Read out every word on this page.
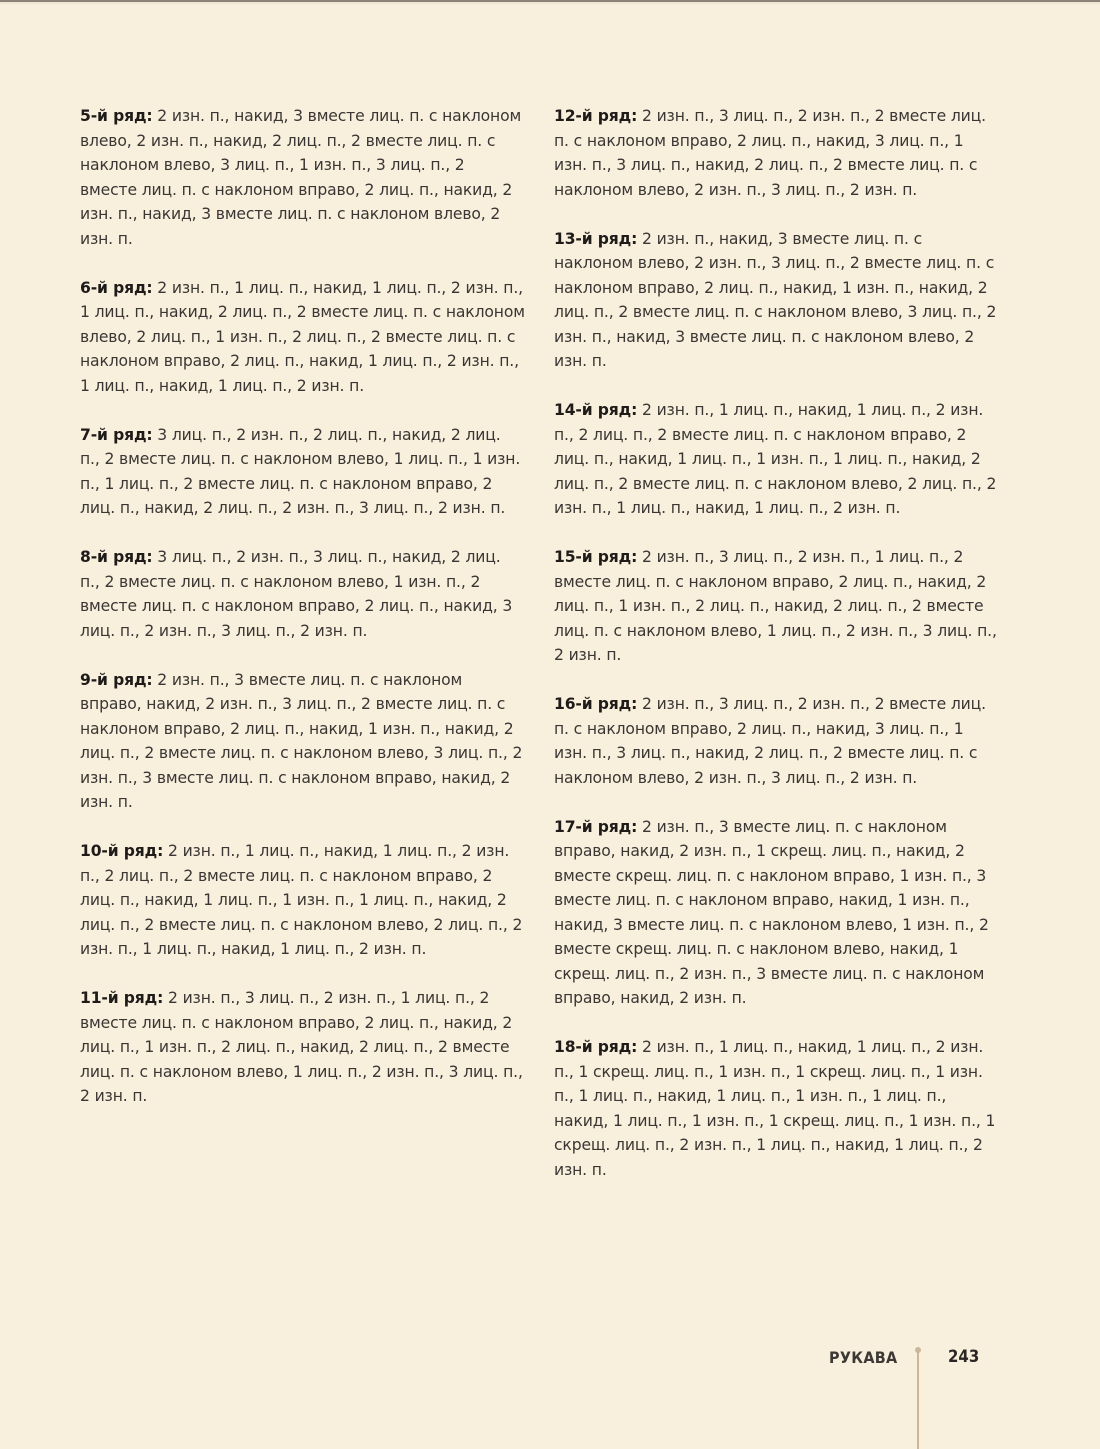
5-й ряд: 2 изн. п., накид, 3 вместе лиц. п. с наклоном влево, 2 изн. п., накид, 2 лиц. п., 2 вместе лиц. п. с наклоном влево, 3 лиц. п., 1 изн. п., 3 лиц. п., 2 вместе лиц. п. с наклоном вправо, 2 лиц. п., накид, 2 изн. п., накид, 3 вместе лиц. п. с наклоном влево, 2 изн. п.

6-й ряд: 2 изн. п., 1 лиц. п., накид, 1 лиц. п., 2 изн. п., 1 лиц. п., накид, 2 лиц. п., 2 вместе лиц. п. с наклоном влево, 2 лиц. п., 1 изн. п., 2 лиц. п., 2 вместе лиц. п. с наклоном вправо, 2 лиц. п., накид, 1 лиц. п., 2 изн. п., 1 лиц. п., накид, 1 лиц. п., 2 изн. п.

7-й ряд: 3 лиц. п., 2 изн. п., 2 лиц. п., накид, 2 лиц. п., 2 вместе лиц. п. с наклоном влево, 1 лиц. п., 1 изн. п., 1 лиц. п., 2 вместе лиц. п. с наклоном вправо, 2 лиц. п., накид, 2 лиц. п., 2 изн. п., 3 лиц. п., 2 изн. п.

8-й ряд: 3 лиц. п., 2 изн. п., 3 лиц. п., накид, 2 лиц. п., 2 вместе лиц. п. с наклоном влево, 1 изн. п., 2 вместе лиц. п. с наклоном вправо, 2 лиц. п., накид, 3 лиц. п., 2 изн. п., 3 лиц. п., 2 изн. п.

9-й ряд: 2 изн. п., 3 вместе лиц. п. с наклоном вправо, накид, 2 изн. п., 3 лиц. п., 2 вместе лиц. п. с наклоном вправо, 2 лиц. п., накид, 1 изн. п., накид, 2 лиц. п., 2 вместе лиц. п. с наклоном влево, 3 лиц. п., 2 изн. п., 3 вместе лиц. п. с наклоном вправо, накид, 2 изн. п.

10-й ряд: 2 изн. п., 1 лиц. п., накид, 1 лиц. п., 2 изн. п., 2 лиц. п., 2 вместе лиц. п. с наклоном вправо, 2 лиц. п., накид, 1 лиц. п., 1 изн. п., 1 лиц. п., накид, 2 лиц. п., 2 вместе лиц. п. с наклоном влево, 2 лиц. п., 2 изн. п., 1 лиц. п., накид, 1 лиц. п., 2 изн. п.

11-й ряд: 2 изн. п., 3 лиц. п., 2 изн. п., 1 лиц. п., 2 вместе лиц. п. с наклоном вправо, 2 лиц. п., накид, 2 лиц. п., 1 изн. п., 2 лиц. п., накид, 2 лиц. п., 2 вместе лиц. п. с наклоном влево, 1 лиц. п., 2 изн. п., 3 лиц. п., 2 изн. п.

12-й ряд: 2 изн. п., 3 лиц. п., 2 изн. п., 2 вместе лиц. п. с наклоном вправо, 2 лиц. п., накид, 3 лиц. п., 1 изн. п., 3 лиц. п., накид, 2 лиц. п., 2 вместе лиц. п. с наклоном влево, 2 изн. п., 3 лиц. п., 2 изн. п.

13-й ряд: 2 изн. п., накид, 3 вместе лиц. п. с наклоном влево, 2 изн. п., 3 лиц. п., 2 вместе лиц. п. с наклоном вправо, 2 лиц. п., накид, 1 изн. п., накид, 2 лиц. п., 2 вместе лиц. п. с наклоном влево, 3 лиц. п., 2 изн. п., накид, 3 вместе лиц. п. с наклоном влево, 2 изн. п.

14-й ряд: 2 изн. п., 1 лиц. п., накид, 1 лиц. п., 2 изн. п., 2 лиц. п., 2 вместе лиц. п. с наклоном вправо, 2 лиц. п., накид, 1 лиц. п., 1 изн. п., 1 лиц. п., накид, 2 лиц. п., 2 вместе лиц. п. с наклоном влево, 2 лиц. п., 2 изн. п., 1 лиц. п., накид, 1 лиц. п., 2 изн. п.

15-й ряд: 2 изн. п., 3 лиц. п., 2 изн. п., 1 лиц. п., 2 вместе лиц. п. с наклоном вправо, 2 лиц. п., накид, 2 лиц. п., 1 изн. п., 2 лиц. п., накид, 2 лиц. п., 2 вместе лиц. п. с наклоном влево, 1 лиц. п., 2 изн. п., 3 лиц. п., 2 изн. п.

16-й ряд: 2 изн. п., 3 лиц. п., 2 изн. п., 2 вместе лиц. п. с наклоном вправо, 2 лиц. п., накид, 3 лиц. п., 1 изн. п., 3 лиц. п., накид, 2 лиц. п., 2 вместе лиц. п. с наклоном влево, 2 изн. п., 3 лиц. п., 2 изн. п.

17-й ряд: 2 изн. п., 3 вместе лиц. п. с наклоном вправо, накид, 2 изн. п., 1 скрещ. лиц. п., накид, 2 вместе скрещ. лиц. п. с наклоном вправо, 1 изн. п., 3 вместе лиц. п. с наклоном вправо, накид, 1 изн. п., накид, 3 вместе лиц. п. с наклоном влево, 1 изн. п., 2 вместе скрещ. лиц. п. с наклоном влево, накид, 1 скрещ. лиц. п., 2 изн. п., 3 вместе лиц. п. с наклоном вправо, накид, 2 изн. п.

18-й ряд: 2 изн. п., 1 лиц. п., накид, 1 лиц. п., 2 изн. п., 1 скрещ. лиц. п., 1 изн. п., 1 скрещ. лиц. п., 1 изн. п., 1 лиц. п., накид, 1 лиц. п., 1 изн. п., 1 лиц. п., накид, 1 лиц. п., 1 изн. п., 1 скрещ. лиц. п., 1 изн. п., 1 скрещ. лиц. п., 2 изн. п., 1 лиц. п., накид, 1 лиц. п., 2 изн. п.

РУКАВА	243
